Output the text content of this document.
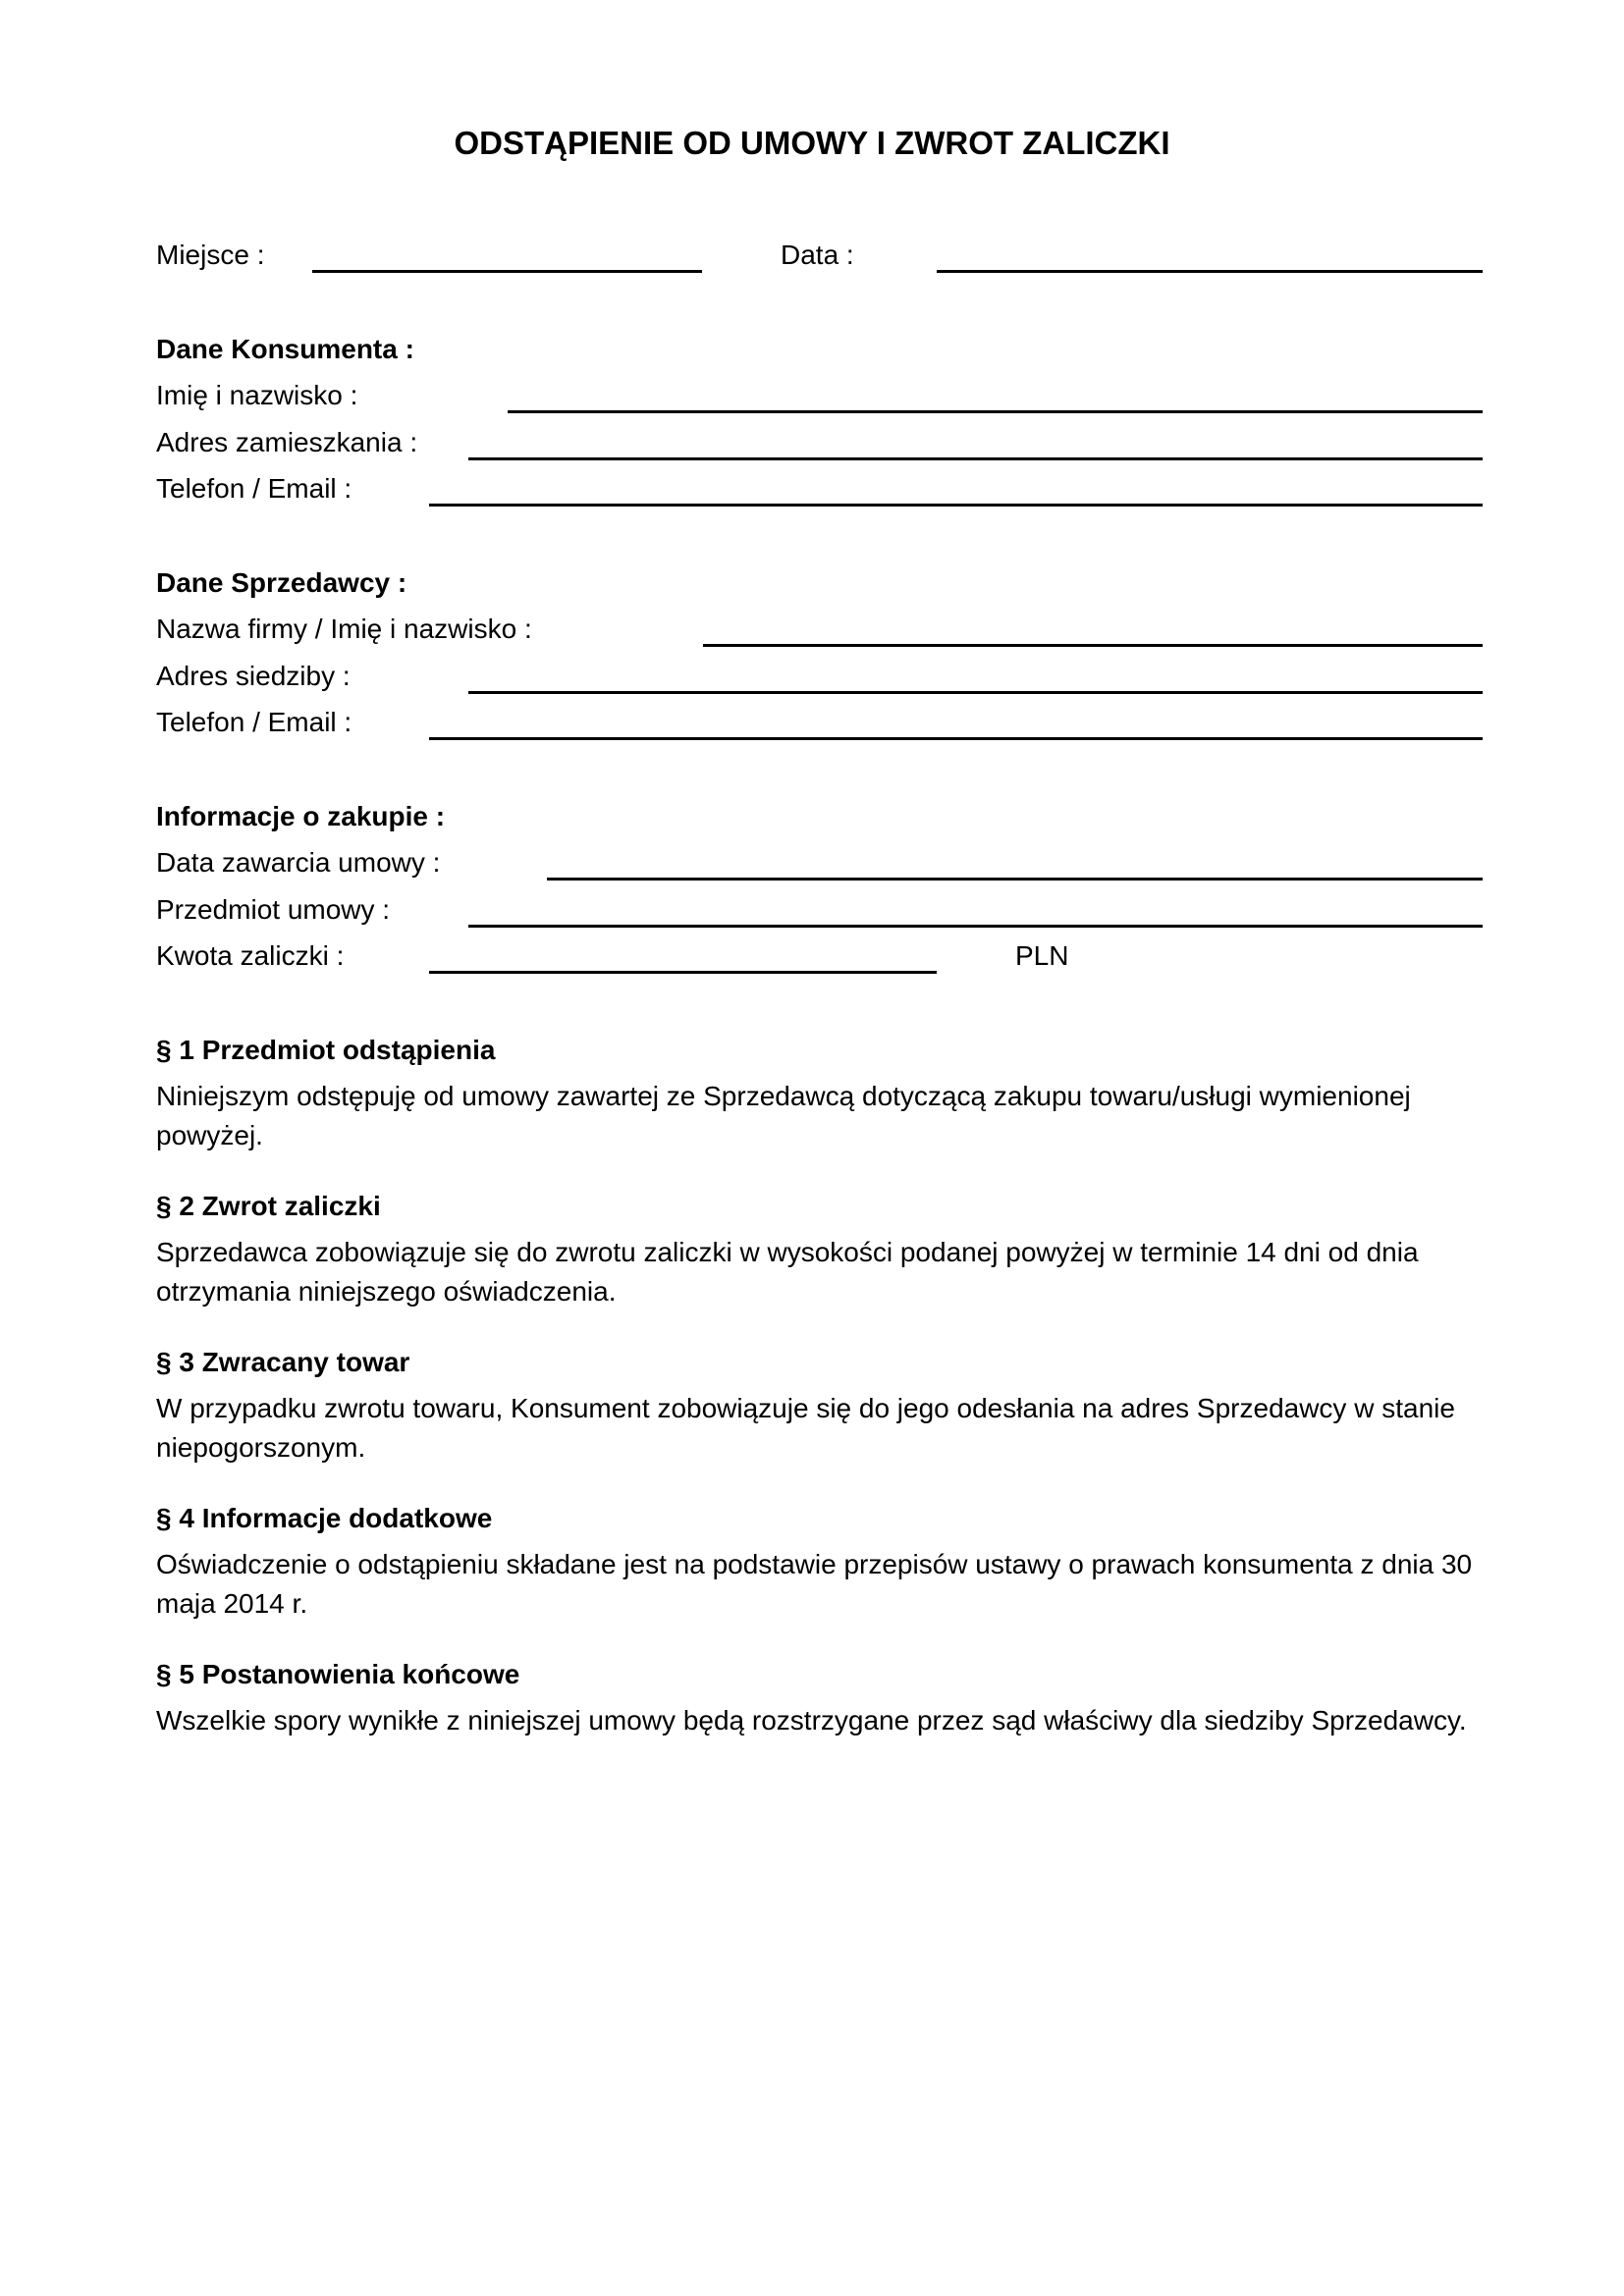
ODSTĄPIENIE OD UMOWY I ZWROT ZALICZKI
Miejsce :	Data :
Dane Konsumenta :
Imię i nazwisko :
Adres zamieszkania :
Telefon / Email :
Dane Sprzedawcy :
Nazwa firmy / Imię i nazwisko :
Adres siedziby :
Telefon / Email :
Informacje o zakupie :
Data zawarcia umowy :
Przedmiot umowy :
Kwota zaliczki :	PLN
§ 1 Przedmiot odstąpienia

Niniejszym odstępuję od umowy zawartej ze Sprzedawcą dotyczącą zakupu towaru/usługi wymienionej powyżej.

§ 2 Zwrot zaliczki

Sprzedawca zobowiązuje się do zwrotu zaliczki w wysokości podanej powyżej w terminie 14 dni od dnia otrzymania niniejszego oświadczenia.

§ 3 Zwracany towar

W przypadku zwrotu towaru, Konsument zobowiązuje się do jego odesłania na adres Sprzedawcy w stanie niepogorszonym.

§ 4 Informacje dodatkowe

Oświadczenie o odstąpieniu składane jest na podstawie przepisów ustawy o prawach konsumenta z dnia 30 maja 2014 r.

§ 5 Postanowienia końcowe

Wszelkie spory wynikłe z niniejszej umowy będą rozstrzygane przez sąd właściwy dla siedziby Sprzedawcy.
